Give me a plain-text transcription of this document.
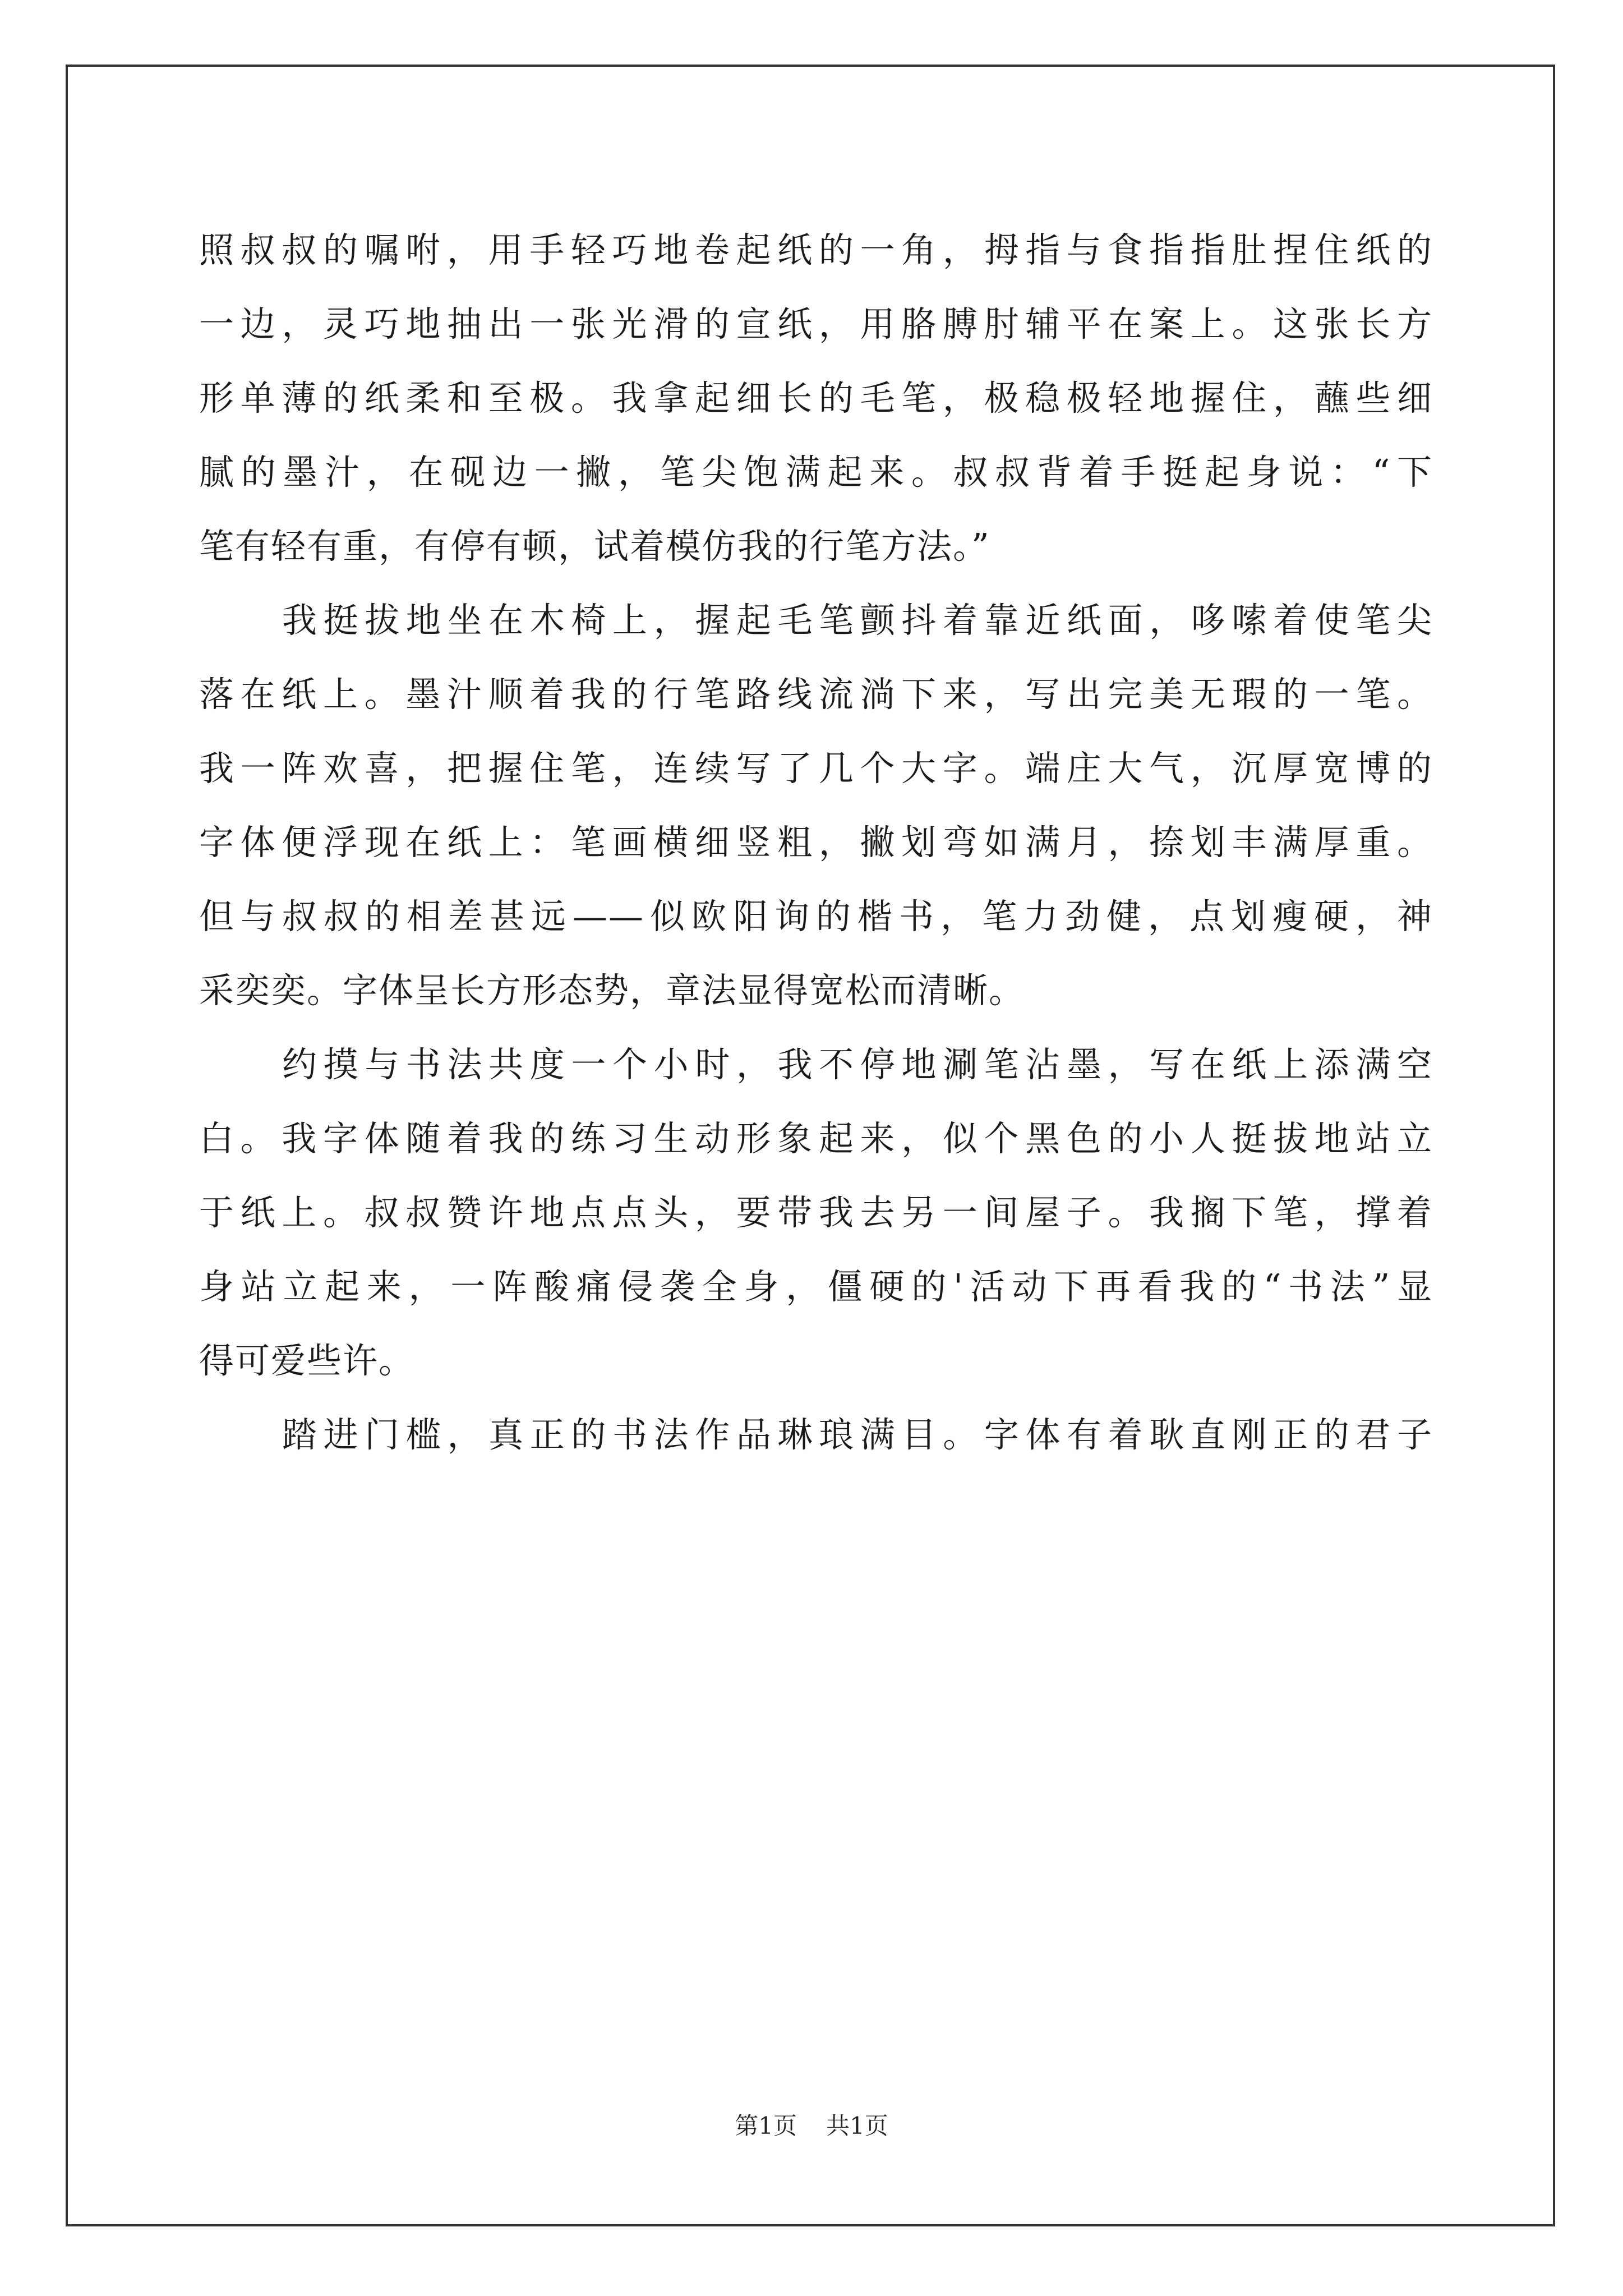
照叔叔的嘱咐，用手轻巧地卷起纸的一角，拇指与食指指肚捏住纸的
一边，灵巧地抽出一张光滑的宣纸，用胳膊肘辅平在案上。这张长方
形单薄的纸柔和至极。我拿起细长的毛笔，极稳极轻地握住，蘸些细
腻的墨汁，在砚边一撇，笔尖饱满起来。叔叔背着手挺起身说：“下
笔有轻有重，有停有顿，试着模仿我的行笔方法。”
我挺拔地坐在木椅上，握起毛笔颤抖着靠近纸面，哆嗦着使笔尖
落在纸上。墨汁顺着我的行笔路线流淌下来，写出完美无瑕的一笔。
我一阵欢喜，把握住笔，连续写了几个大字。端庄大气，沉厚宽博的
字体便浮现在纸上：笔画横细竖粗，撇划弯如满月，捺划丰满厚重。
但与叔叔的相差甚远——似欧阳询的楷书，笔力劲健，点划瘦硬，神
采奕奕。字体呈长方形态势，章法显得宽松而清晰。
约摸与书法共度一个小时，我不停地涮笔沾墨，写在纸上添满空
白。我字体随着我的练习生动形象起来，似个黑色的小人挺拔地站立
于纸上。叔叔赞许地点点头，要带我去另一间屋子。我搁下笔，撑着
身站立起来，一阵酸痛侵袭全身，僵硬的'活动下再看我的“书法”显
得可爱些许。
踏进门槛，真正的书法作品琳琅满目。字体有着耿直刚正的君子
第1页 共1页
